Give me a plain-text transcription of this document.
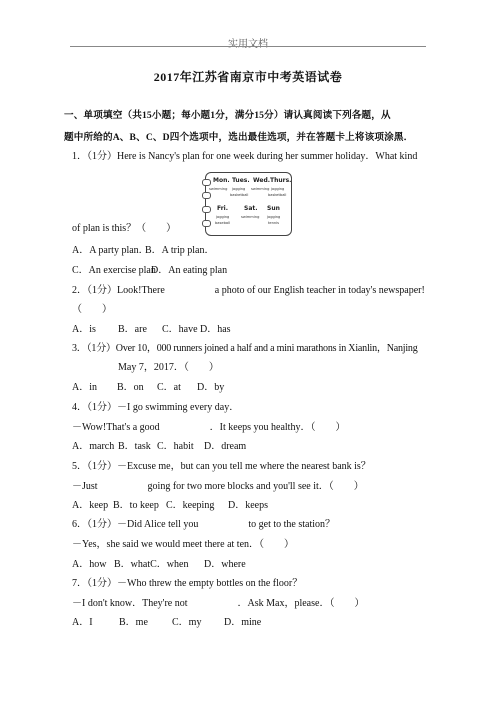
实用文档
2017年江苏省南京市中考英语试卷
一、单项填空（共15小题；每小题1分，满分15分）请认真阅读下列各题，从
题中所给的A、B、C、D四个选项中，选出最佳选项，并在答题卡上将该项涂黑．
1．（1分）Here is Nancy's plan for one week during her summer holiday．What kind
Mon. Tues. Wed. Thurs.
swimming jogging
basketball
swimming jogging
basketball
Fri.	Sat. Sun
jogging
baseball
swimming jogging
tennis
of plan is this？（　　）
A．A party plan．B．A trip plan．
C．An exercise planD．An eating plan
2．（1分）Look!There　　　　　a photo of our English teacher in today's newspaper!
（　　）
A．is B．are C．have D．has
3．（1分）Over 10，000 runners joined a half and a mini marathons in Xianlin，Nanjing
May 7，2017．（　　）
A．in B．on C．at D．by
4．（1分）－I go swimming every day．
－Wow!That's a good　　　　　．It keeps you healthy．（　　）
A．march B．task C．habit D．dream
5．（1分）－Excuse me，but can you tell me where the nearest bank is？
－Just　　　　　going for two more blocks and you'll see it．（　　）
A．keep B．to keep C．keeping D．keeps
6．（1分）－Did Alice tell you　　　　　to get to the station？
－Yes，she said we would meet there at ten．（　　）
A．how B．whatC．when D．where
7．（1分）－Who threw the empty bottles on the floor？
－I don't know．They're not　　　　　．Ask Max，please．（　　）
A．I	B．me C．my D．mine
